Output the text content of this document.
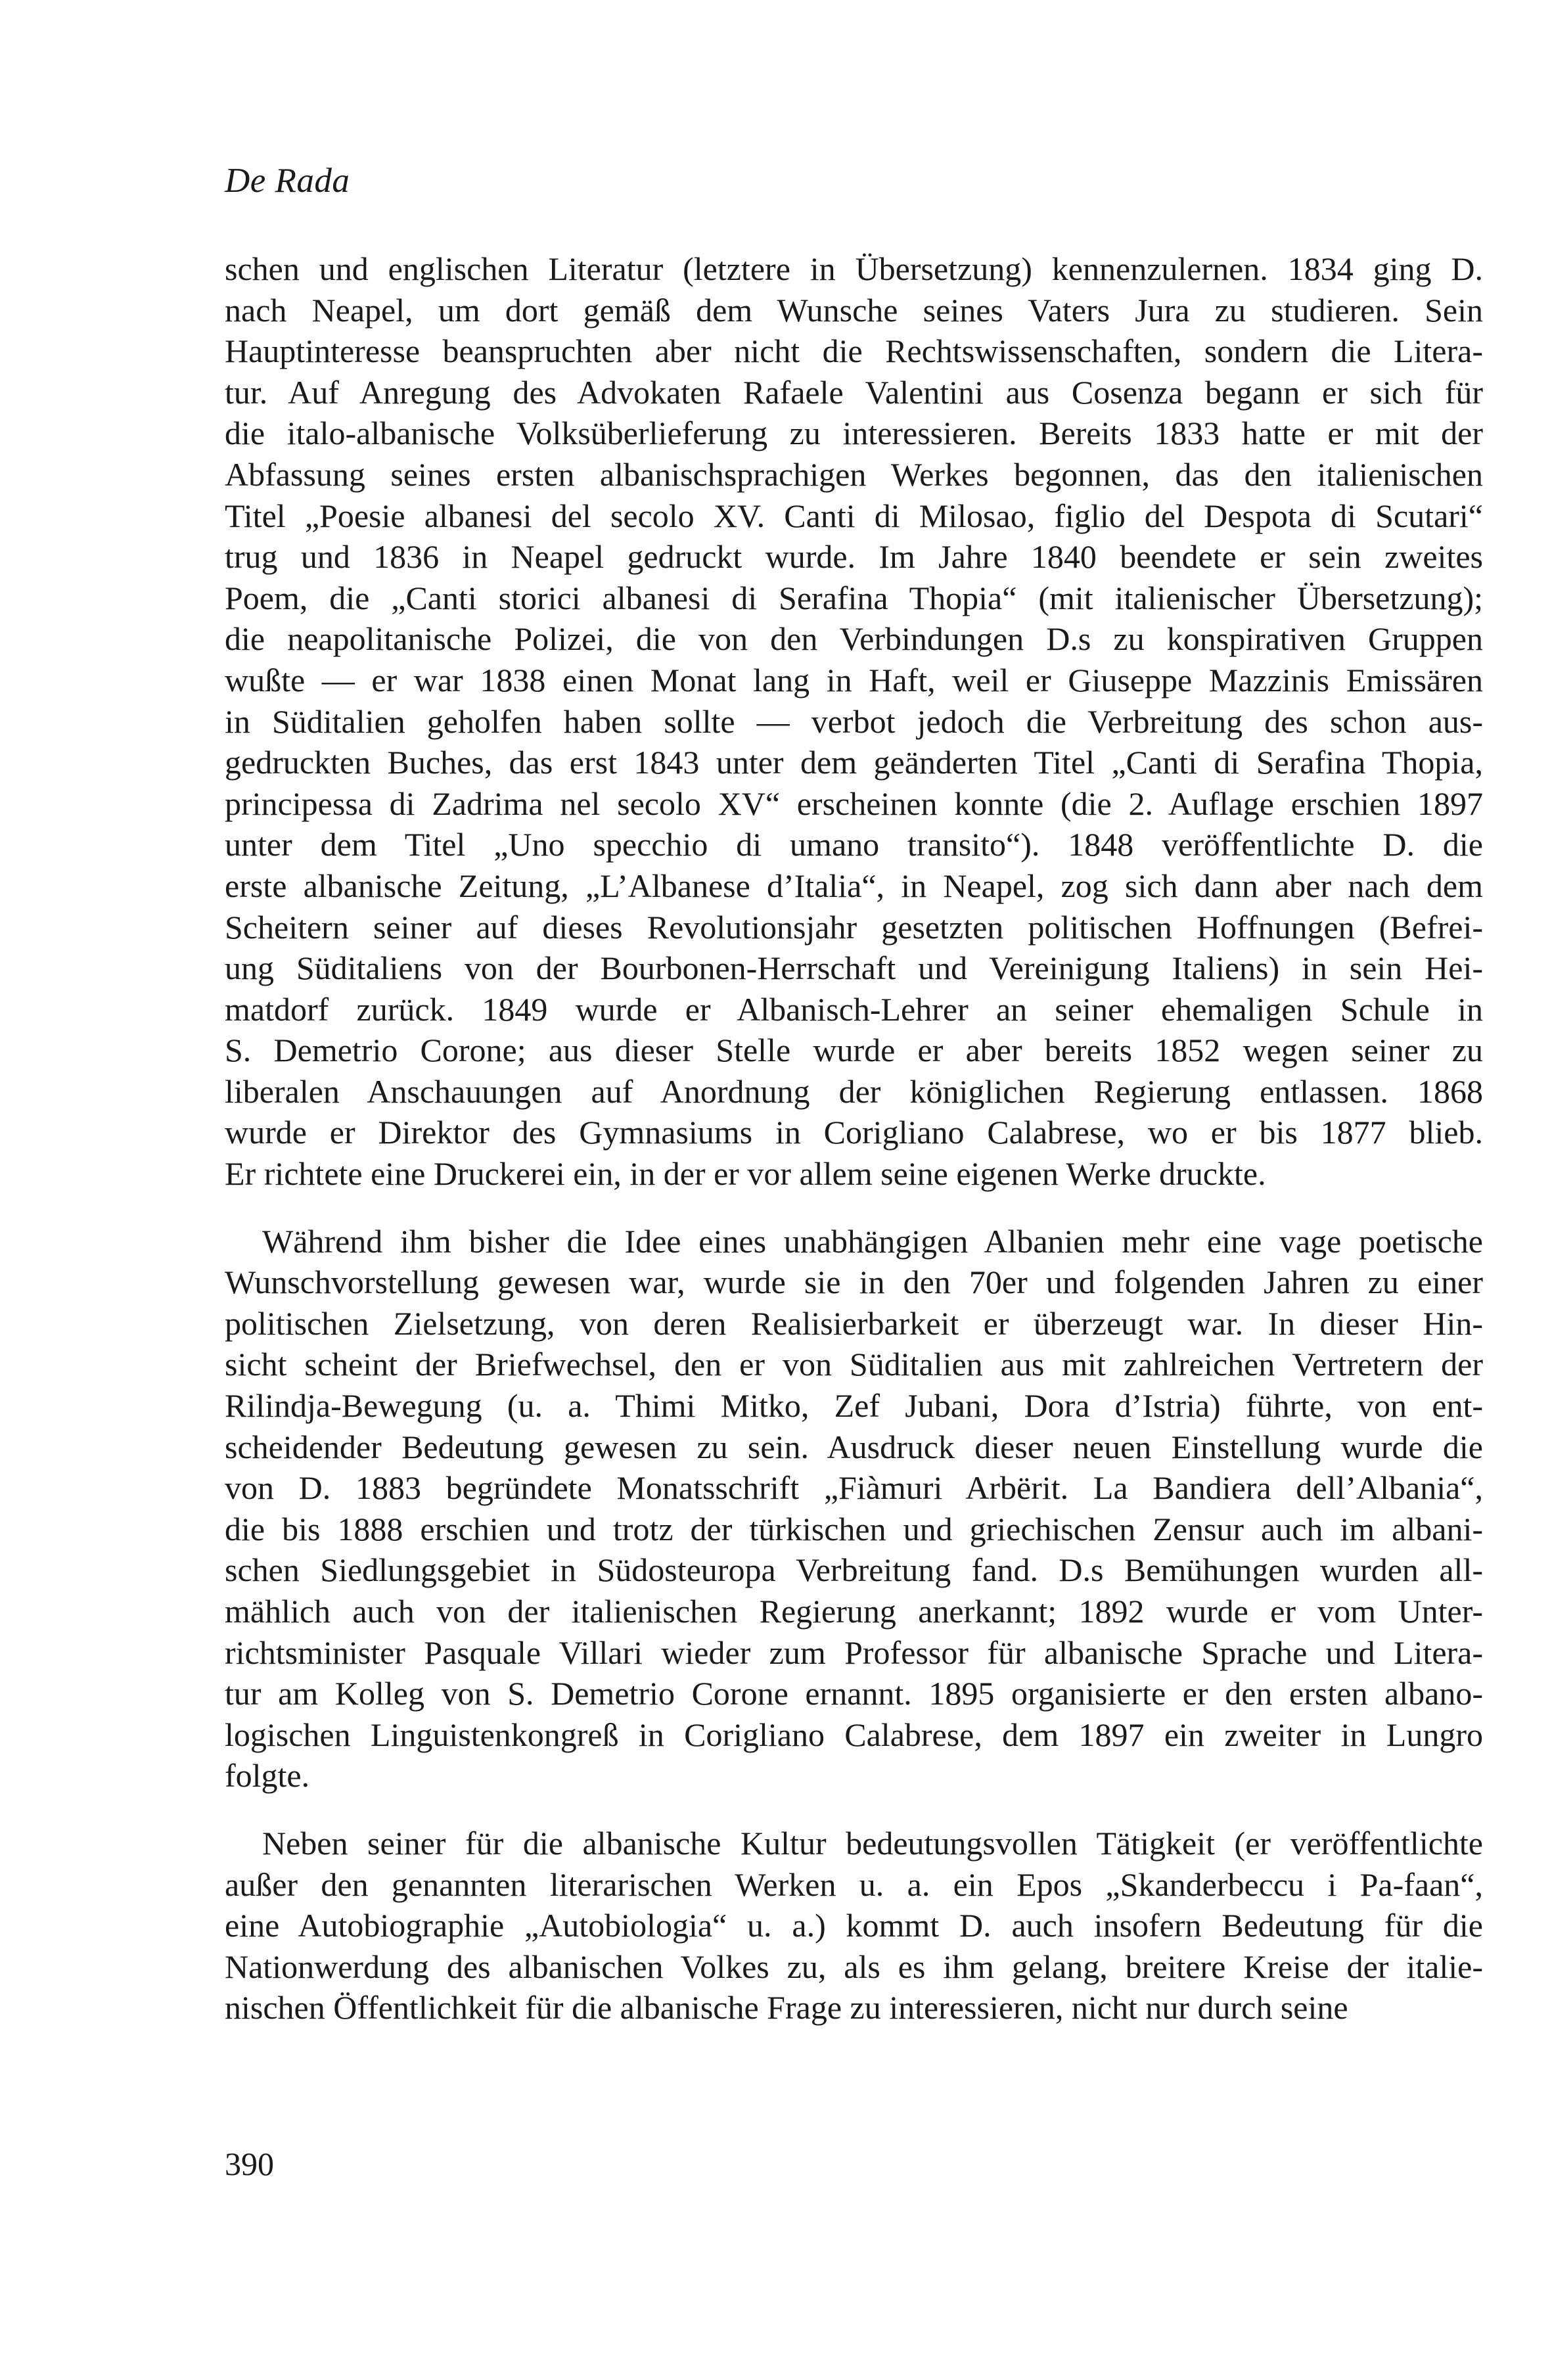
De Rada

schen und englischen Literatur (letztere in Übersetzung) kennenzulernen. 1834 ging D.
nach Neapel, um dort gemäß dem Wunsche seines Vaters Jura zu studieren. Sein
Hauptinteresse beanspruchten aber nicht die Rechtswissenschaften, sondern die Litera-
tur. Auf Anregung des Advokaten Rafaele Valentini aus Cosenza begann er sich für
die italo-albanische Volksüberlieferung zu interessieren. Bereits 1833 hatte er mit der
Abfassung seines ersten albanischsprachigen Werkes begonnen, das den italienischen
Titel „Poesie albanesi del secolo XV. Canti di Milosao, figlio del Despota di Scutari“
trug und 1836 in Neapel gedruckt wurde. Im Jahre 1840 beendete er sein zweites
Poem, die „Canti storici albanesi di Serafina Thopia“ (mit italienischer Übersetzung);
die neapolitanische Polizei, die von den Verbindungen D.s zu konspirativen Gruppen
wußte — er war 1838 einen Monat lang in Haft, weil er Giuseppe Mazzinis Emissären
in Süditalien geholfen haben sollte — verbot jedoch die Verbreitung des schon aus-
gedruckten Buches, das erst 1843 unter dem geänderten Titel „Canti di Serafina Thopia,
principessa di Zadrima nel secolo XV“ erscheinen konnte (die 2. Auflage erschien 1897
unter dem Titel „Uno specchio di umano transito“). 1848 veröffentlichte D. die
erste albanische Zeitung, „L’Albanese d’Italia“, in Neapel, zog sich dann aber nach dem
Scheitern seiner auf dieses Revolutionsjahr gesetzten politischen Hoffnungen (Befrei-
ung Süditaliens von der Bourbonen-Herrschaft und Vereinigung Italiens) in sein Hei-
matdorf zurück. 1849 wurde er Albanisch-Lehrer an seiner ehemaligen Schule in
S. Demetrio Corone; aus dieser Stelle wurde er aber bereits 1852 wegen seiner zu
liberalen Anschauungen auf Anordnung der königlichen Regierung entlassen. 1868
wurde er Direktor des Gymnasiums in Corigliano Calabrese, wo er bis 1877 blieb.
Er richtete eine Druckerei ein, in der er vor allem seine eigenen Werke druckte.

Während ihm bisher die Idee eines unabhängigen Albanien mehr eine vage poetische
Wunschvorstellung gewesen war, wurde sie in den 70er und folgenden Jahren zu einer
politischen Zielsetzung, von deren Realisierbarkeit er überzeugt war. In dieser Hin-
sicht scheint der Briefwechsel, den er von Süditalien aus mit zahlreichen Vertretern der
Rilindja-Bewegung (u. a. Thimi Mitko, Zef Jubani, Dora d’Istria) führte, von ent-
scheidender Bedeutung gewesen zu sein. Ausdruck dieser neuen Einstellung wurde die
von D. 1883 begründete Monatsschrift „Fiàmuri Arbërit. La Bandiera dell’Albania“,
die bis 1888 erschien und trotz der türkischen und griechischen Zensur auch im albani-
schen Siedlungsgebiet in Südosteuropa Verbreitung fand. D.s Bemühungen wurden all-
mählich auch von der italienischen Regierung anerkannt; 1892 wurde er vom Unter-
richtsminister Pasquale Villari wieder zum Professor für albanische Sprache und Litera-
tur am Kolleg von S. Demetrio Corone ernannt. 1895 organisierte er den ersten albano-
logischen Linguistenkongreß in Corigliano Calabrese, dem 1897 ein zweiter in Lungro
folgte.

Neben seiner für die albanische Kultur bedeutungsvollen Tätigkeit (er veröffentlichte
außer den genannten literarischen Werken u. a. ein Epos „Skanderbeccu i Pa-faan“,
eine Autobiographie „Autobiologia“ u. a.) kommt D. auch insofern Bedeutung für die
Nationwerdung des albanischen Volkes zu, als es ihm gelang, breitere Kreise der italie-
nischen Öffentlichkeit für die albanische Frage zu interessieren, nicht nur durch seine

390
